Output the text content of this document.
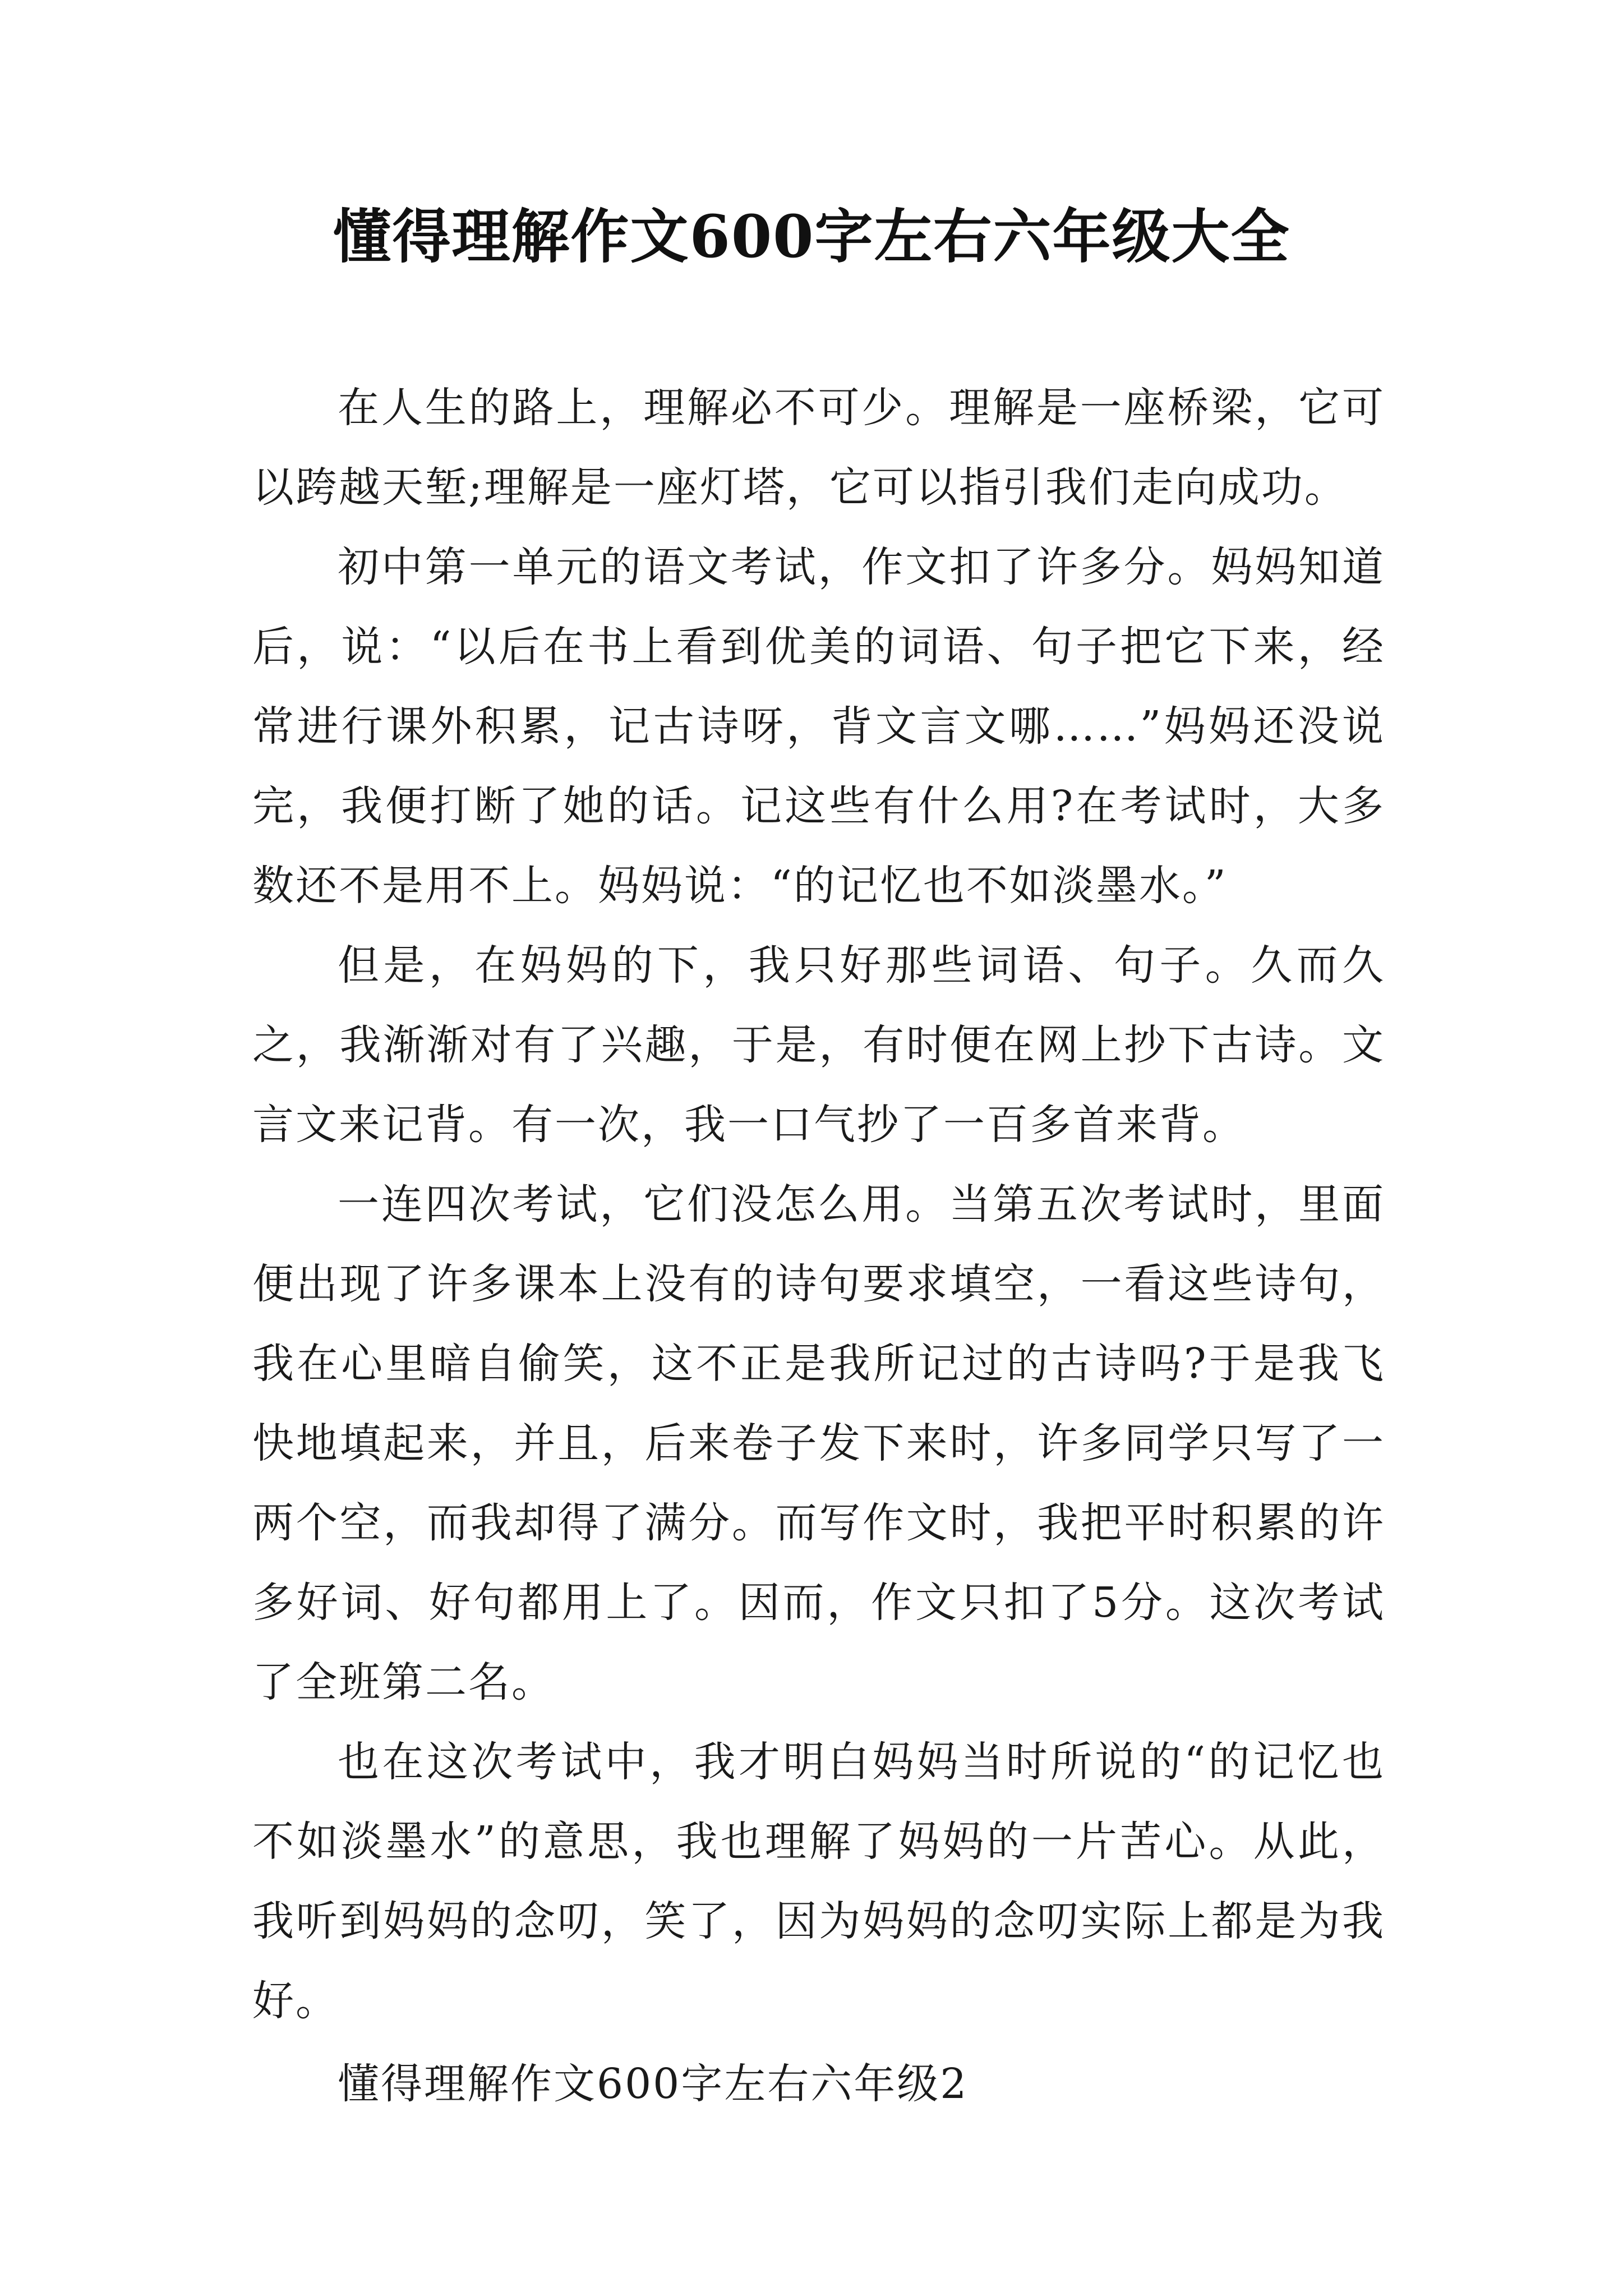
懂得理解作文600字左右六年级大全

在人生的路上，理解必不可少。理解是一座桥梁，它可以跨越天堑;理解是一座灯塔，它可以指引我们走向成功。

初中第一单元的语文考试，作文扣了许多分。妈妈知道后，说：“以后在书上看到优美的词语、句子把它下来，经常进行课外积累，记古诗呀，背文言文哪……”妈妈还没说完，我便打断了她的话。记这些有什么用?在考试时，大多数还不是用不上。妈妈说：“的记忆也不如淡墨水。”

但是，在妈妈的下，我只好那些词语、句子。久而久之，我渐渐对有了兴趣，于是，有时便在网上抄下古诗。文言文来记背。有一次，我一口气抄了一百多首来背。

一连四次考试，它们没怎么用。当第五次考试时，里面便出现了许多课本上没有的诗句要求填空，一看这些诗句，我在心里暗自偷笑，这不正是我所记过的古诗吗?于是我飞快地填起来，并且，后来卷子发下来时，许多同学只写了一两个空，而我却得了满分。而写作文时，我把平时积累的许多好词、好句都用上了。因而，作文只扣了5分。这次考试了全班第二名。

也在这次考试中，我才明白妈妈当时所说的“的记忆也不如淡墨水”的意思，我也理解了妈妈的一片苦心。从此，我听到妈妈的念叨，笑了，因为妈妈的念叨实际上都是为我好。

懂得理解作文600字左右六年级2
